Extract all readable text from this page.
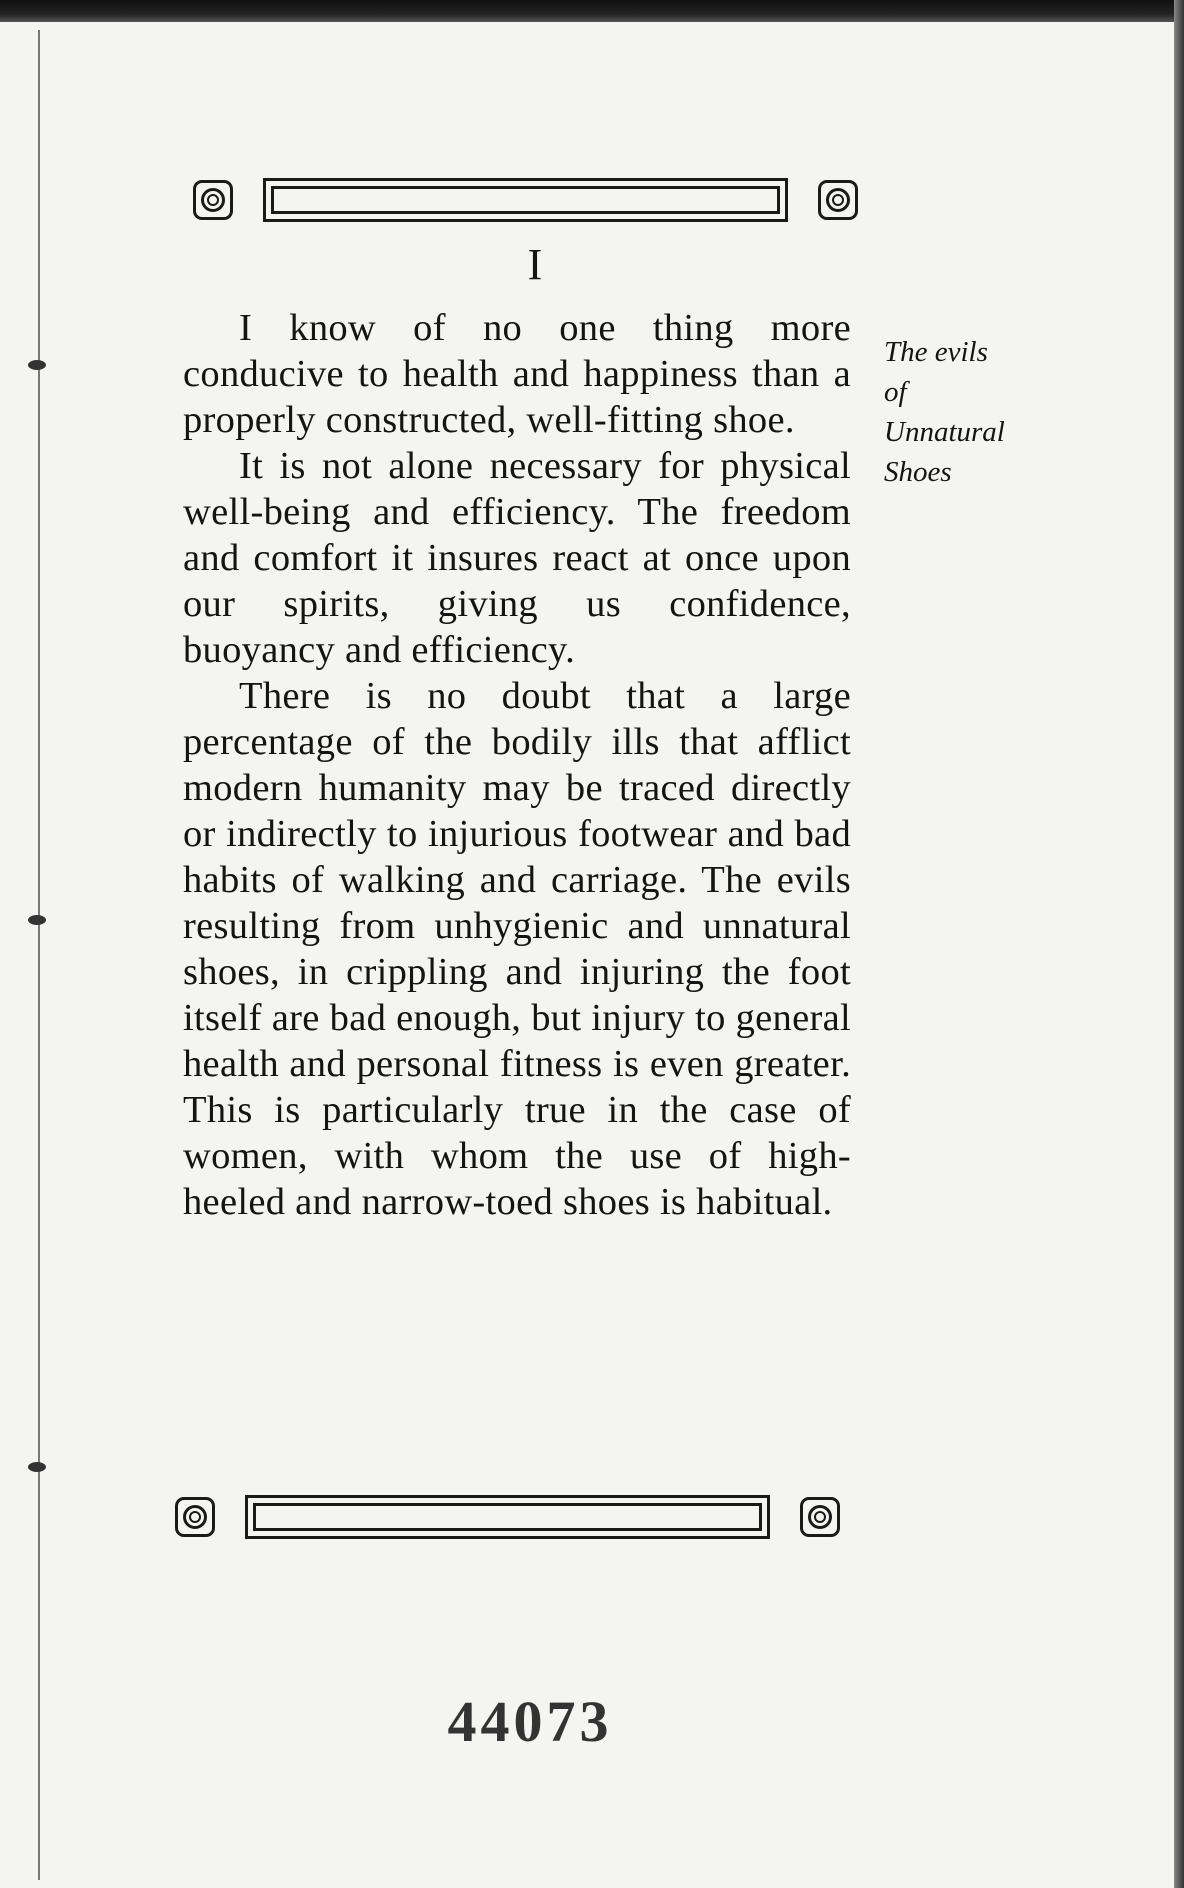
I

I know of no one thing more conducive to health and happiness than a properly constructed, well-fitting shoe.

It is not alone necessary for physical well-being and efficiency. The freedom and comfort it insures react at once upon our spirits, giving us confidence, buoyancy and efficiency.

There is no doubt that a large percentage of the bodily ills that afflict modern humanity may be traced directly or indirectly to injurious footwear and bad habits of walking and carriage. The evils resulting from unhygienic and unnatural shoes, in crippling and injuring the foot itself are bad enough, but injury to general health and personal fitness is even greater. This is particularly true in the case of women, with whom the use of high-heeled and narrow-toed shoes is habitual.

The evils
of
Unnatural
Shoes
44073
